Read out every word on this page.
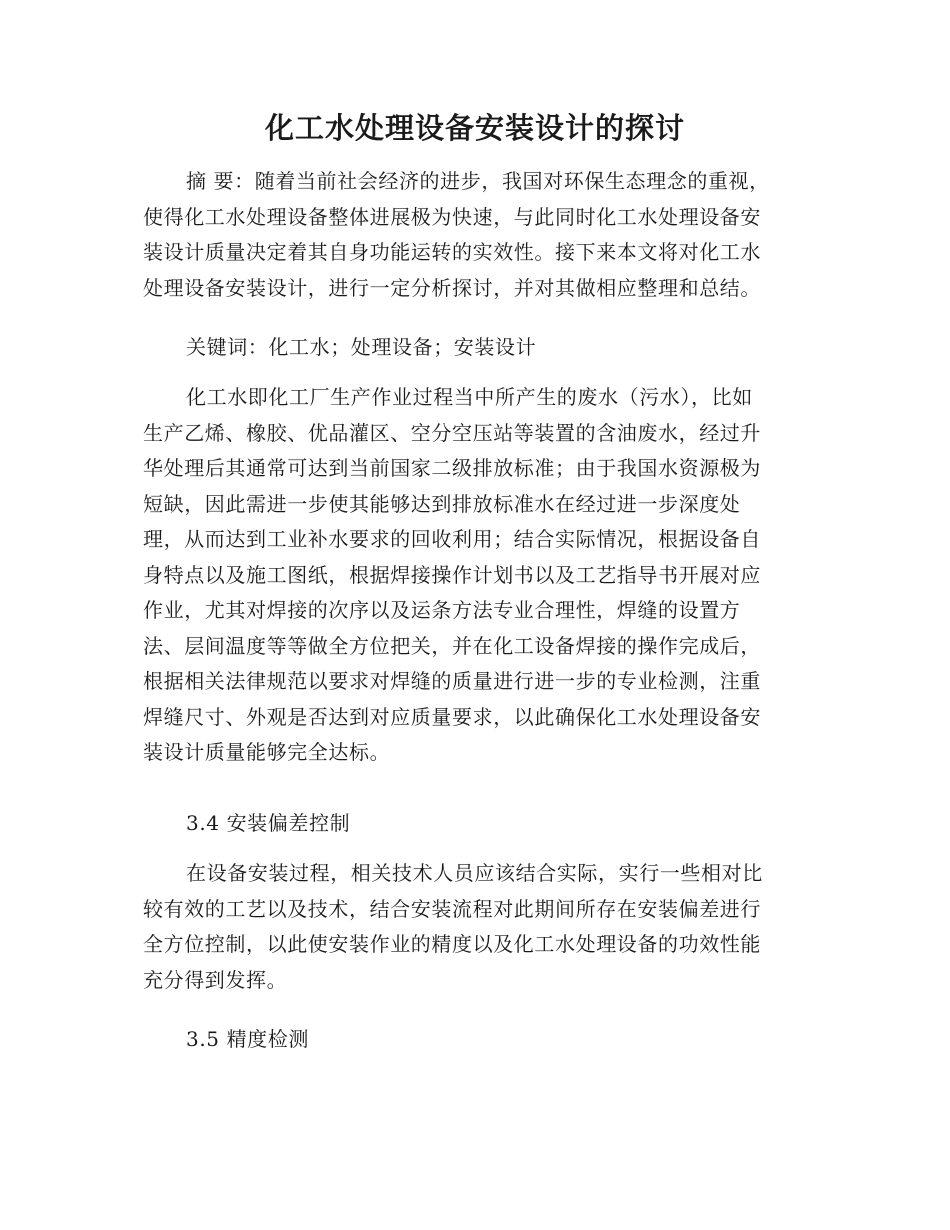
化工水处理设备安装设计的探讨
摘 要：随着当前社会经济的进步，我国对环保生态理念的重视，
使得化工水处理设备整体进展极为快速，与此同时化工水处理设备安
装设计质量决定着其自身功能运转的实效性。接下来本文将对化工水
处理设备安装设计，进行一定分析探讨，并对其做相应整理和总结。
关键词：化工水；处理设备；安装设计
化工水即化工厂生产作业过程当中所产生的废水（污水），比如
生产乙烯、橡胶、优品灌区、空分空压站等装置的含油废水，经过升
华处理后其通常可达到当前国家二级排放标准；由于我国水资源极为
短缺，因此需进一步使其能够达到排放标准水在经过进一步深度处
理，从而达到工业补水要求的回收利用；结合实际情况，根据设备自
身特点以及施工图纸，根据焊接操作计划书以及工艺指导书开展对应
作业，尤其对焊接的次序以及运条方法专业合理性，焊缝的设置方
法、层间温度等等做全方位把关，并在化工设备焊接的操作完成后，
根据相关法律规范以要求对焊缝的质量进行进一步的专业检测，注重
焊缝尺寸、外观是否达到对应质量要求，以此确保化工水处理设备安
装设计质量能够完全达标。
3.4 安装偏差控制
在设备安装过程，相关技术人员应该结合实际，实行一些相对比
较有效的工艺以及技术，结合安装流程对此期间所存在安装偏差进行
全方位控制，以此使安装作业的精度以及化工水处理设备的功效性能
充分得到发挥。
3.5 精度检测
